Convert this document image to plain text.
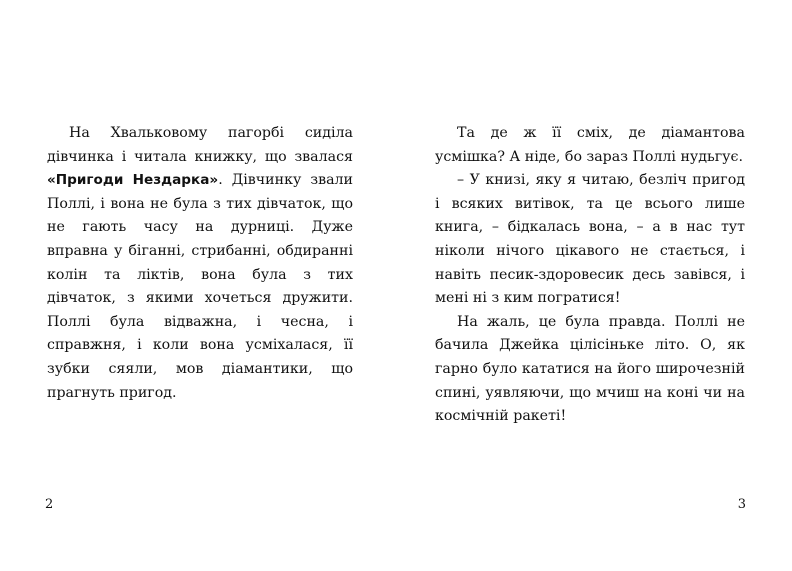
На Хвальковому пагорбі сиділа дівчинка і читала книжку, що звалася «Пригоди Нездарка». Дівчинку звали Поллі, і вона не була з тих дівчаток, що не гають часу на дурниці. Дуже вправна у біганні, стрибанні, обдиранні колін та ліктів, вона була з тих дівчаток, з якими хочеться дружити. Поллі була відважна, і чесна, і справжня, і коли вона усміхалася, її зубки сяяли, мов діамантики, що прагнуть пригод.

2

Та де ж її сміх, де діамантова усмішка? А ніде, бо зараз Поллі нудьгує.

– У книзі, яку я читаю, безліч пригод і всяких витівок, та це всього лише книга, – бідкалась вона, – а в нас тут ніколи нічого цікавого не стається, і навіть песик-здоровесик десь завівся, і мені ні з ким погратися!

На жаль, це була правда. Поллі не бачила Джейка цілісіньке літо. О, як гарно було кататися на його широчезній спині, уявляючи, що мчиш на коні чи на космічній ракеті!

3
